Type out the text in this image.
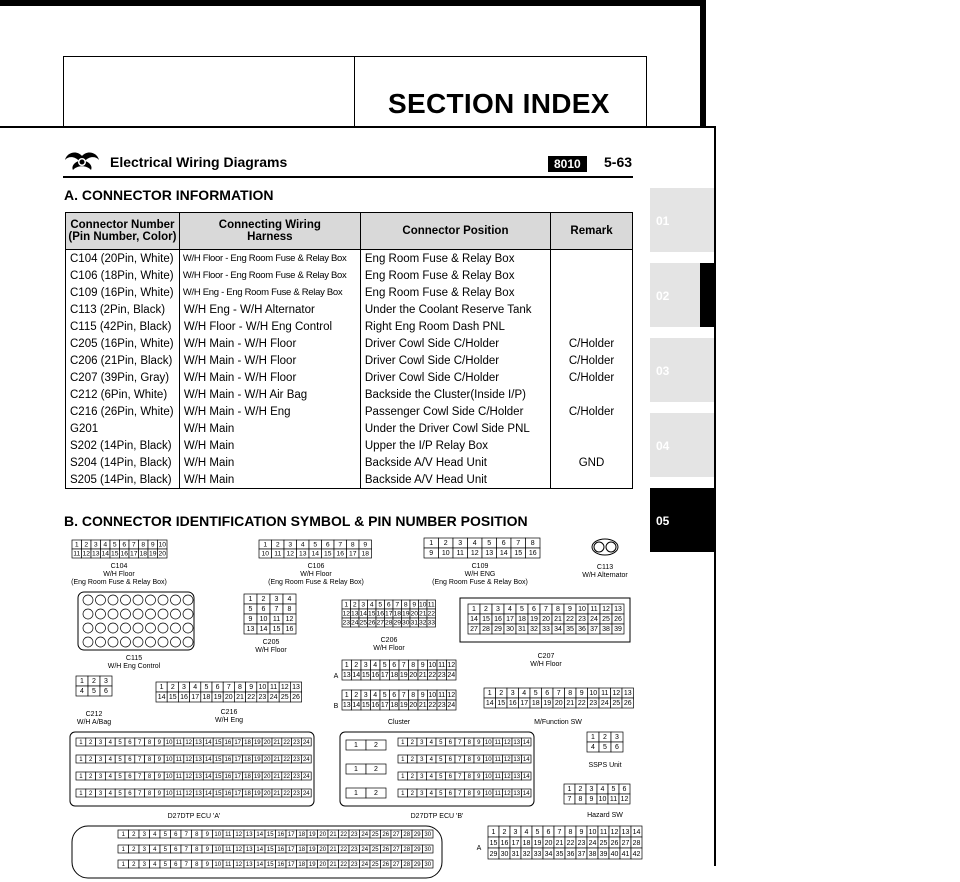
SECTION INDEX
Electrical Wiring Diagrams	8010	5-63
A. CONNECTOR INFORMATION
Connector Number
(Pin Number, Color)	Connecting Wiring
Harness	Connector Position	Remark
C104 (20Pin, White)	W/H Floor - Eng Room Fuse & Relay Box	Eng Room Fuse & Relay Box	
C106 (18Pin, White)	W/H Floor - Eng Room Fuse & Relay Box	Eng Room Fuse & Relay Box	
C109 (16Pin, White)	W/H Eng - Eng Room Fuse & Relay Box	Eng Room Fuse & Relay Box	
C113 (2Pin, Black)	W/H Eng - W/H Alternator	Under the Coolant Reserve Tank	
C115 (42Pin, Black)	W/H Floor - W/H Eng Control	Right Eng Room Dash PNL	
C205 (16Pin, White)	W/H Main - W/H Floor	Driver Cowl Side C/Holder	C/Holder
C206 (21Pin, Black)	W/H Main - W/H Floor	Driver Cowl Side C/Holder	C/Holder
C207 (39Pin, Gray)	W/H Main - W/H Floor	Driver Cowl Side C/Holder	C/Holder
C212 (6Pin, White)	W/H Main - W/H Air Bag	Backside the Cluster(Inside I/P)	
C216 (26Pin, White)	W/H Main - W/H Eng	Passenger Cowl Side C/Holder	C/Holder
G201	W/H Main	Under the Driver Cowl Side PNL	
S202 (14Pin, Black)	W/H Main	Upper the I/P Relay Box	
S204 (14Pin, Black)	W/H Main	Backside A/V Head Unit	GND
S205 (14Pin, Black)	W/H Main	Backside A/V Head Unit	
B. CONNECTOR IDENTIFICATION SYMBOL & PIN NUMBER POSITION
01
02
03
04
05
1 2 3 4 5 6 7 8 9 10
11 12 13 14 15 16 17 18 19 20
C104
W/H Floor
(Eng Room Fuse & Relay Box)
1 2 3 4 5 6 7 8 9
10 11 12 13 14 15 16 17 18
C106
W/H Floor
(Eng Room Fuse & Relay Box)
1 2 3 4 5 6 7 8
9 10 11 12 13 14 15 16
C109
W/H ENG
(Eng Room Fuse & Relay Box)
C113
W/H Alternator
C115
W/H Eng Control
1 2 3 4
5 6 7 8
9 10 11 12
13 14 15 16
C205
W/H Floor
1 2 3 4 5 6 7 8 9 10 11
12 13 14 15 16 17 18 19 20 21 22
23 24 25 26 27 28 29 30 31 32 33
C206
W/H Floor
1 2 3 4 5 6 7 8 9 10 11 12 13
14 15 16 17 18 19 20 21 22 23 24 25 26
27 28 29 30 31 32 33 34 35 36 37 38 39
C207
W/H Floor
1 2 3
4 5 6
C212
W/H A/Bag
1 2 3 4 5 6 7 8 9 10 11 12 13
14 15 16 17 18 19 20 21 22 23 24 25 26
C216
W/H Eng
A
1 2 3 4 5 6 7 8 9 10 11 12
13 14 15 16 17 18 19 20 21 22 23 24
B
1 2 3 4 5 6 7 8 9 10 11 12
13 14 15 16 17 18 19 20 21 22 23 24
Cluster
1 2 3 4 5 6 7 8 9 10 11 12 13
14 15 16 17 18 19 20 21 22 23 24 25 26
M/Function SW
1 2 3 4 5 6 7 8 9 10 11 12 13 14 15 16 17 18 19 20 21 22 23 24
1 2 3 4 5 6 7 8 9 10 11 12 13 14 15 16 17 18 19 20 21 22 23 24
1 2 3 4 5 6 7 8 9 10 11 12 13 14 15 16 17 18 19 20 21 22 23 24
1 2 3 4 5 6 7 8 9 10 11 12 13 14 15 16 17 18 19 20 21 22 23 24
D27DTP ECU 'A'
1 2
1 2
1 2
1 2 3 4 5 6 7 8 9 10 11 12 13 14
1 2 3 4 5 6 7 8 9 10 11 12 13 14
1 2 3 4 5 6 7 8 9 10 11 12 13 14
1 2 3 4 5 6 7 8 9 10 11 12 13 14
D27DTP ECU 'B'
1 2 3
4 5 6
SSPS Unit
1 2 3 4 5 6
7 8 9 10 11 12
Hazard SW
1 2 3 4 5 6 7 8 9 10 11 12 13 14 15 16 17 18 19 20 21 22 23 24 25 26 27 28 29 30
1 2 3 4 5 6 7 8 9 10 11 12 13 14 15 16 17 18 19 20 21 22 23 24 25 26 27 28 29 30
1 2 3 4 5 6 7 8 9 10 11 12 13 14 15 16 17 18 19 20 21 22 23 24 25 26 27 28 29 30
A
1 2 3 4 5 6 7 8 9 10 11 12 13 14
15 16 17 18 19 20 21 22 23 24 25 26 27 28
29 30 31 32 33 34 35 36 37 38 39 40 41 42
